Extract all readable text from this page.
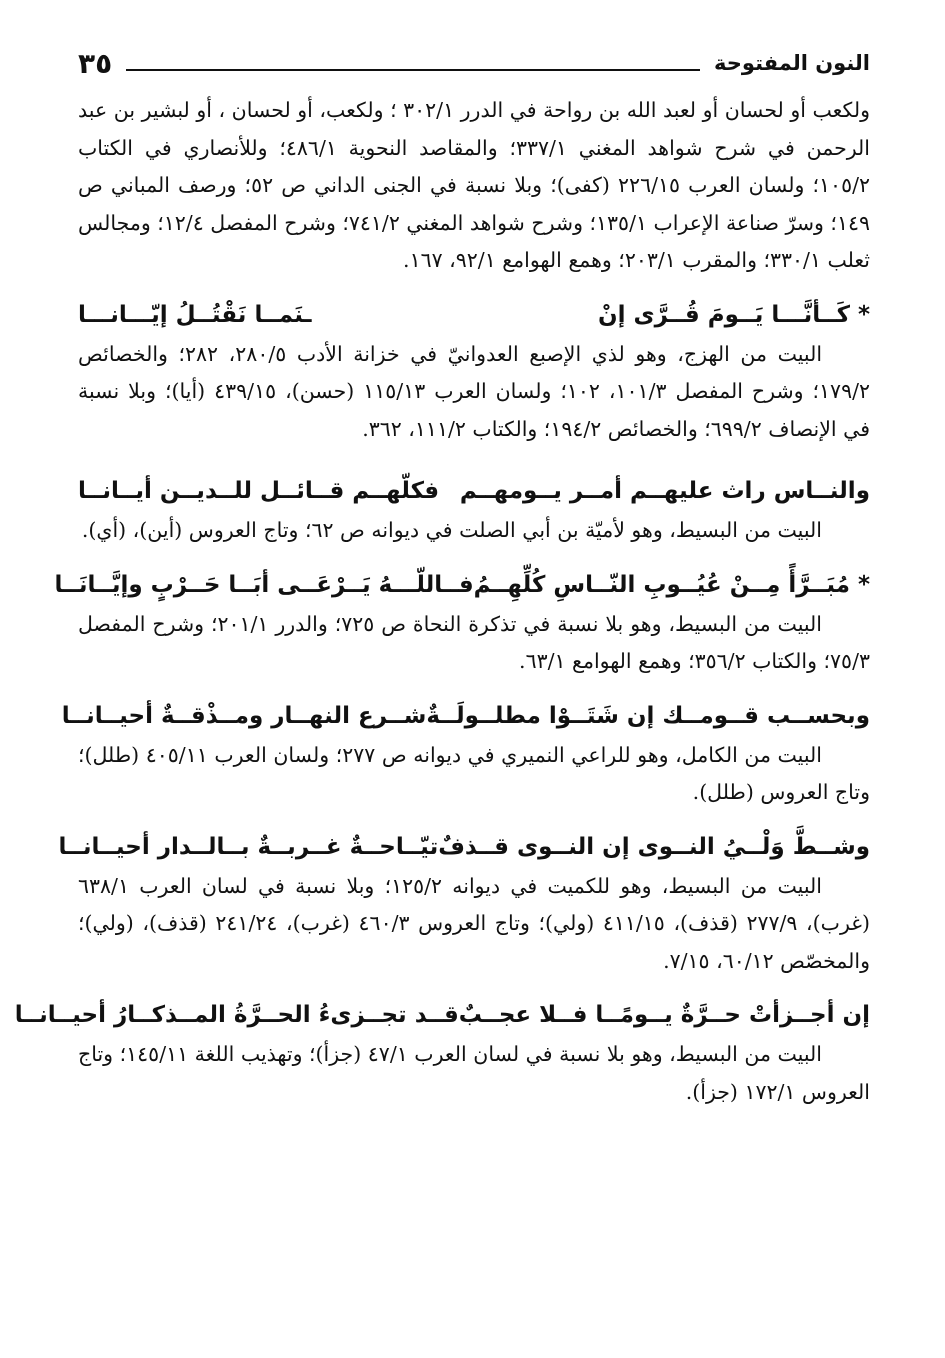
النون المفتوحة
٣٥

ولكعب أو لحسان أو لعبد الله بن رواحة في الدرر ٣٠٢/١ ؛ ولكعب، أو لحسان ، أو لبشير بن عبد الرحمن في شرح شواهد المغني ٣٣٧/١؛ والمقاصد النحوية ٤٨٦/١؛ وللأنصاري في الكتاب ١٠٥/٢؛ ولسان العرب ٢٢٦/١٥ (كفى)؛ وبلا نسبة في الجنى الداني ص ٥٢؛ ورصف المباني ص ١٤٩؛ وسرّ صناعة الإعراب ١٣٥/١؛ وشرح شواهد المغني ٧٤١/٢؛ وشرح المفصل ١٢/٤؛ ومجالس ثعلب ٣٣٠/١؛ والمقرب ٢٠٣/١؛ وهمع الهوامع ٩٢/١، ١٦٧.

*
كَــأنَّـــا يَــومَ قُــرَّى إنْ
ـنَمــا نَقْتُــلُ إيّـــانـــا

البيت من الهزج، وهو لذي الإصبع العدوانيّ في خزانة الأدب ٢٨٠/٥، ٢٨٢؛ والخصائص ١٧٩/٢؛ وشرح المفصل ١٠١/٣، ١٠٢؛ ولسان العرب ١١٥/١٣ (حسن)، ٤٣٩/١٥ (أيا)؛ وبلا نسبة في الإنصاف ٦٩٩/٢؛ والخصائص ١٩٤/٢؛ والكتاب ١١١/٢، ٣٦٢.

والنــاس راث عليهــم أمــر يــومهــم
فكلّهــم قــائــل للــديــن أيــانــا

البيت من البسيط، وهو لأميّة بن أبي الصلت في ديوانه ص ٦٢؛ وتاج العروس (أين)، (أي).

*
مُبَــرَّأً مِــنْ عُيُــوبِ النّــاسِ كُلِّهِــمُ
فــاللّـــهُ يَــرْعَــى أبَــا حَــرْبٍ وإيَّــانَــا

البيت من البسيط، وهو بلا نسبة في تذكرة النحاة ص ٧٢٥؛ والدرر ٢٠١/١؛ وشرح المفصل ٧٥/٣؛ والكتاب ٣٥٦/٢؛ وهمع الهوامع ٦٣/١.

وبحســب قــومــك إن شَتَــوْا مطلــولَــةٌ
شــرع النهــار ومــذْقــةٌ أحيــانــا

البيت من الكامل، وهو للراعي النميري في ديوانه ص ٢٧٧؛ ولسان العرب ٤٠٥/١١ (طلل)؛ وتاج العروس (طلل).

وشــطَّ وَلْــيُ النــوى إن النــوى قــذفٌ
تيّــاحــةٌ غــربــةٌ بــالــدار أحيــانــا

البيت من البسيط، وهو للكميت في ديوانه ١٢٥/٢؛ وبلا نسبة في لسان العرب ٦٣٨/١ (غرب)، ٢٧٧/٩ (قذف)، ٤١١/١٥ (ولي)؛ وتاج العروس ٤٦٠/٣ (غرب)، ٢٤١/٢٤ (قذف)، (ولي)؛ والمخصّص ٦٠/١٢، ٧/١٥.

إن أجــزأتْ حــرَّةٌ يــومًــا فــلا عجــبٌ
قــد تجــزىءُ الحــرَّةُ المــذكــارُ أحيــانــا

البيت من البسيط، وهو بلا نسبة في لسان العرب ٤٧/١ (جزأ)؛ وتهذيب اللغة ١٤٥/١١؛ وتاج العروس ١٧٢/١ (جزأ).
